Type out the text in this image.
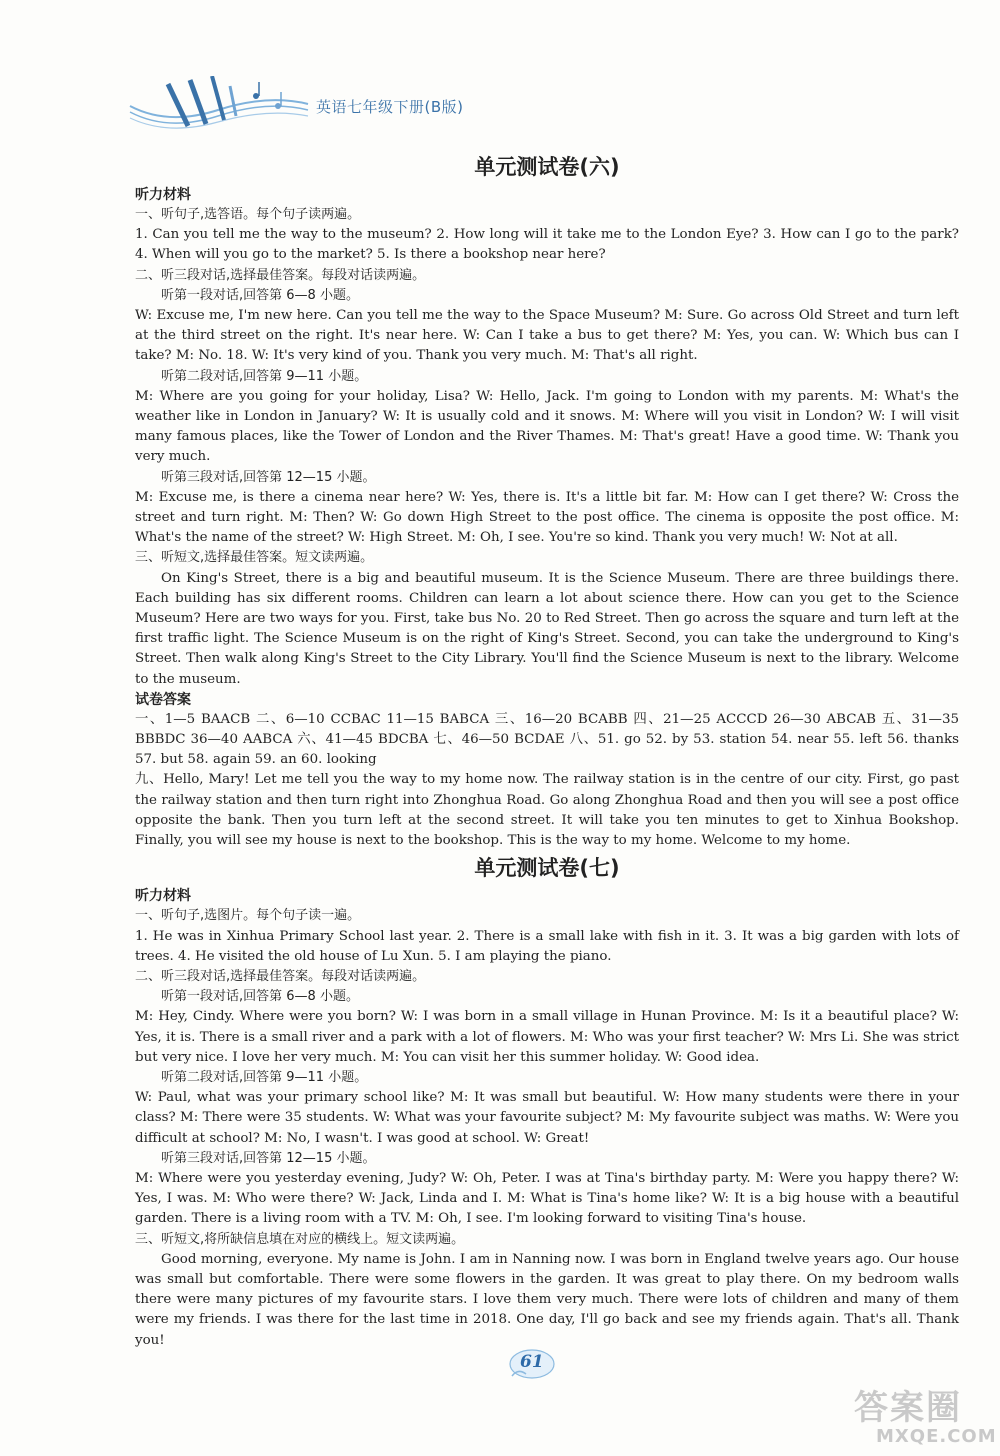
英语七年级下册(B版)
单元测试卷(六)
听力材料

一、听句子,选答语。每个句子读两遍。

1. Can you tell me the way to the museum? 2. How long will it take me to the London Eye? 3. How can I go to the park? 4. When will you go to the market? 5. Is there a bookshop near here?

二、听三段对话,选择最佳答案。每段对话读两遍。

听第一段对话,回答第 6—8 小题。

W: Excuse me, I'm new here. Can you tell me the way to the Space Museum? M: Sure. Go across Old Street and turn left at the third street on the right. It's near here. W: Can I take a bus to get there? M: Yes, you can. W: Which bus can I take? M: No. 18. W: It's very kind of you. Thank you very much. M: That's all right.

听第二段对话,回答第 9—11 小题。

M: Where are you going for your holiday, Lisa? W: Hello, Jack. I'm going to London with my parents. M: What's the weather like in London in January? W: It is usually cold and it snows. M: Where will you visit in London? W: I will visit many famous places, like the Tower of London and the River Thames. M: That's great! Have a good time. W: Thank you very much.

听第三段对话,回答第 12—15 小题。

M: Excuse me, is there a cinema near here? W: Yes, there is. It's a little bit far. M: How can I get there? W: Cross the street and turn right. M: Then? W: Go down High Street to the post office. The cinema is opposite the post office. M: What's the name of the street? W: High Street. M: Oh, I see. You're so kind. Thank you very much! W: Not at all.

三、听短文,选择最佳答案。短文读两遍。

On King's Street, there is a big and beautiful museum. It is the Science Museum. There are three buildings there. Each building has six different rooms. Children can learn a lot about science there. How can you get to the Science Museum? Here are two ways for you. First, take bus No. 20 to Red Street. Then go across the square and turn left at the first traffic light. The Science Museum is on the right of King's Street. Second, you can take the underground to King's Street. Then walk along King's Street to the City Library. You'll find the Science Museum is next to the library. Welcome to the museum.

试卷答案

一、1—5 BAACB 二、6—10 CCBAC 11—15 BABCA 三、16—20 BCABB 四、21—25 ACCCD 26—30 ABCAB 五、31—35 BBBDC 36—40 AABCA 六、41—45 BDCBA 七、46—50 BCDAE 八、51. go 52. by 53. station 54. near 55. left 56. thanks 57. but 58. again 59. an 60. looking

九、Hello, Mary! Let me tell you the way to my home now. The railway station is in the centre of our city. First, go past the railway station and then turn right into Zhonghua Road. Go along Zhonghua Road and then you will see a post office opposite the bank. Then you turn left at the second street. It will take you ten minutes to get to Xinhua Bookshop. Finally, you will see my house is next to the bookshop. This is the way to my home. Welcome to my home.

单元测试卷(七)
听力材料

一、听句子,选图片。每个句子读一遍。

1. He was in Xinhua Primary School last year. 2. There is a small lake with fish in it. 3. It was a big garden with lots of trees. 4. He visited the old house of Lu Xun. 5. I am playing the piano.

二、听三段对话,选择最佳答案。每段对话读两遍。

听第一段对话,回答第 6—8 小题。

M: Hey, Cindy. Where were you born? W: I was born in a small village in Hunan Province. M: Is it a beautiful place? W: Yes, it is. There is a small river and a park with a lot of flowers. M: Who was your first teacher? W: Mrs Li. She was strict but very nice. I love her very much. M: You can visit her this summer holiday. W: Good idea.

听第二段对话,回答第 9—11 小题。

W: Paul, what was your primary school like? M: It was small but beautiful. W: How many students were there in your class? M: There were 35 students. W: What was your favourite subject? M: My favourite subject was maths. W: Were you difficult at school? M: No, I wasn't. I was good at school. W: Great!

听第三段对话,回答第 12—15 小题。

M: Where were you yesterday evening, Judy? W: Oh, Peter. I was at Tina's birthday party. M: Were you happy there? W: Yes, I was. M: Who were there? W: Jack, Linda and I. M: What is Tina's home like? W: It is a big house with a beautiful garden. There is a living room with a TV. M: Oh, I see. I'm looking forward to visiting Tina's house.

三、听短文,将所缺信息填在对应的横线上。短文读两遍。

Good morning, everyone. My name is John. I am in Nanning now. I was born in England twelve years ago. Our house was small but comfortable. There were some flowers in the garden. It was great to play there. On my bedroom walls there were many pictures of my favourite stars. I love them very much. There were lots of children and many of them were my friends. I was there for the last time in 2018. One day, I'll go back and see my friends again. That's all. Thank you!

61
答案圈
MXQE.COM
